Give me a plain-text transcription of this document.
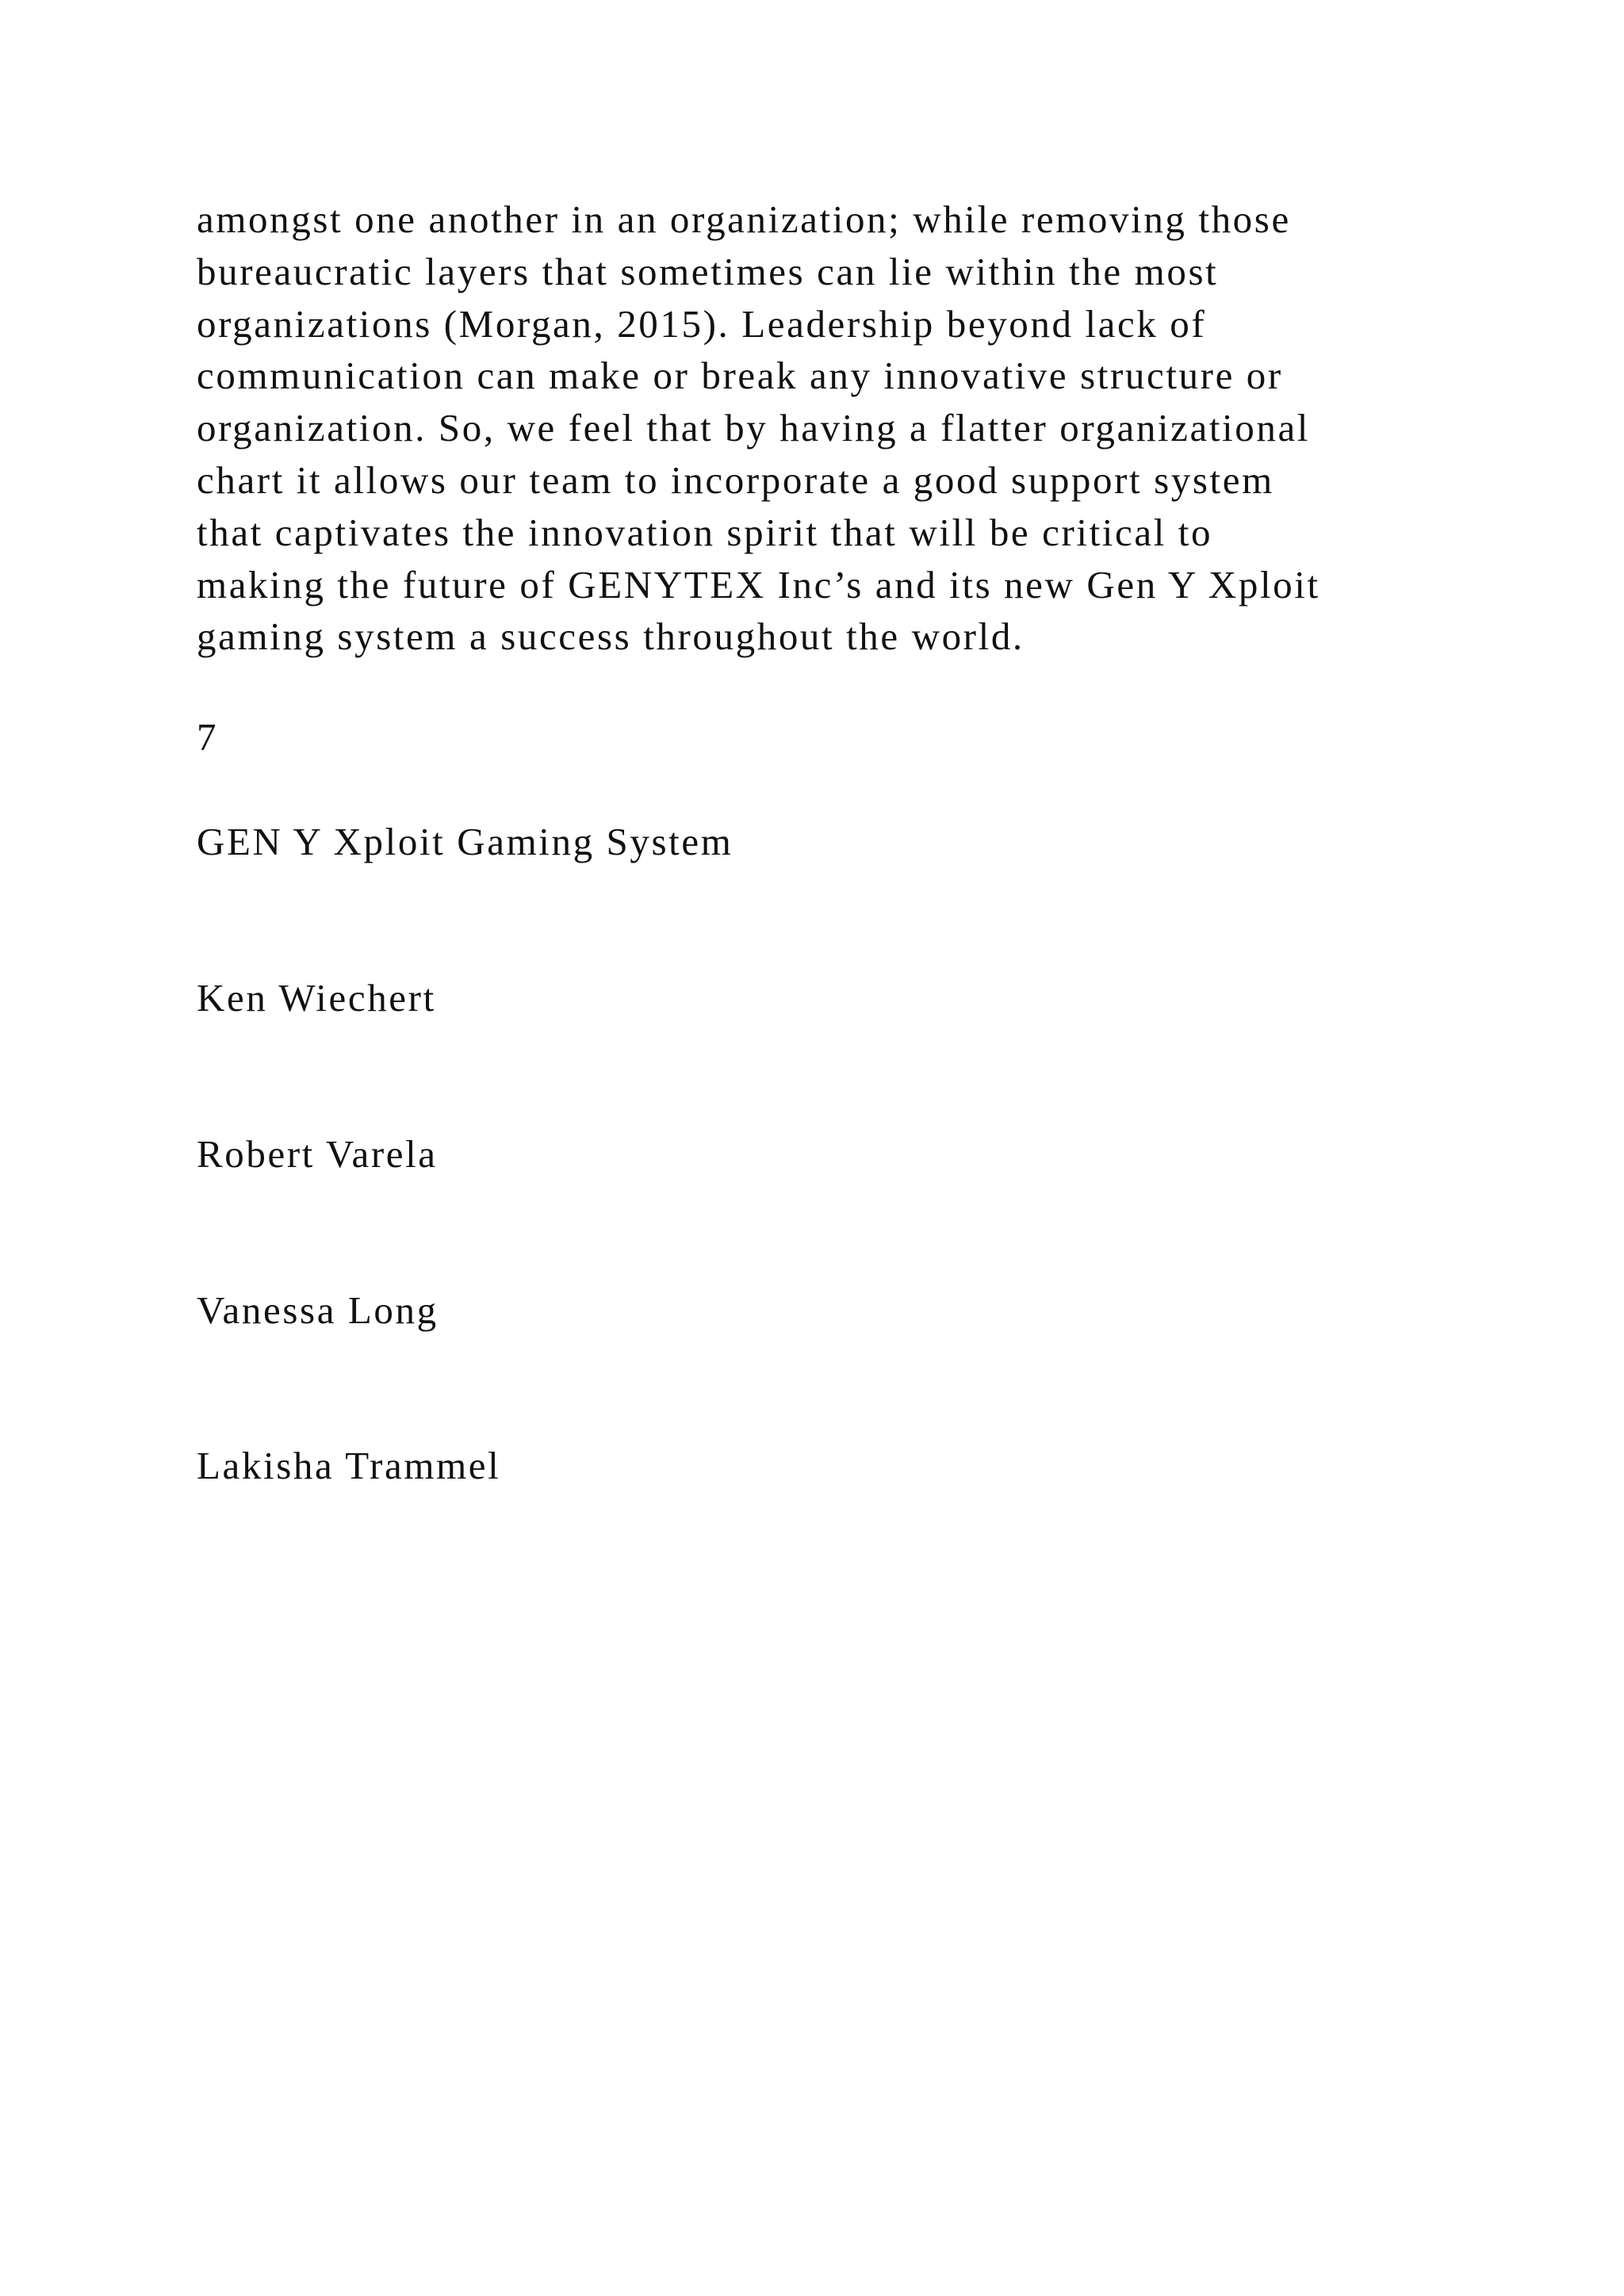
amongst one another in an organization; while removing those
bureaucratic layers that sometimes can lie within the most
organizations (Morgan, 2015). Leadership beyond lack of
communication can make or break any innovative structure or
organization. So, we feel that by having a flatter organizational
chart it allows our team to incorporate a good support system
that captivates the innovation spirit that will be critical to
making the future of GENYTEX Inc’s and its new Gen Y Xploit
gaming system a success throughout the world.

7

GEN Y Xploit Gaming System

Ken Wiechert

Robert Varela

Vanessa Long

Lakisha Trammel
